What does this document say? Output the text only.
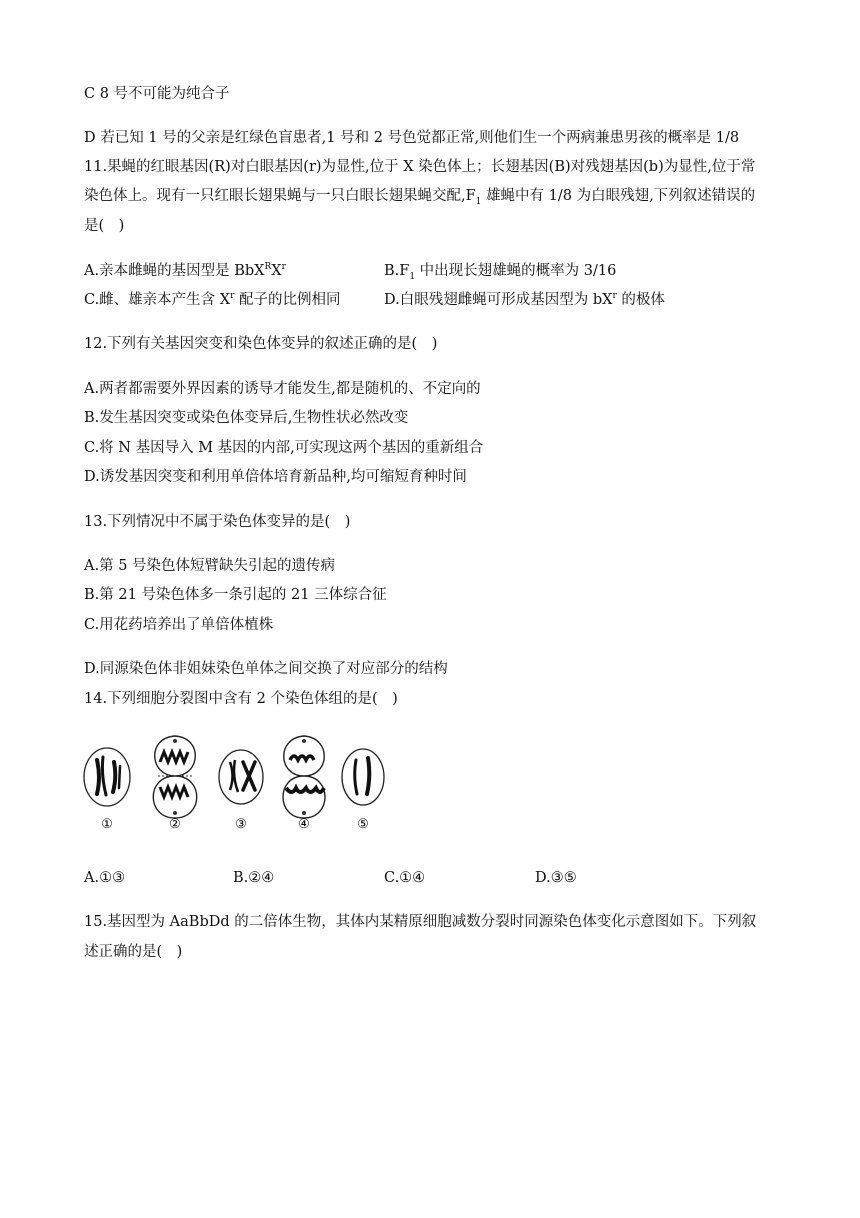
C 8 号不可能为纯合子
D 若已知 1 号的父亲是红绿色盲患者,1 号和 2 号色觉都正常,则他们生一个两病兼患男孩的概率是 1/8
11.果蝇的红眼基因(R)对白眼基因(r)为显性,位于 X 染色体上；长翅基因(B)对残翅基因(b)为显性,位于常
染色体上。现有一只红眼长翅果蝇与一只白眼长翅果蝇交配$,F_1$ 雄蝇中有 1/8 为白眼残翅,下列叙述错误的
是(　)
A.亲本雌蝇的基因型是 $BbX^RX^r$	$B.F_1$ 中出现长翅雄蝇的概率为 3/16
C.雌、雄亲本产生含 $X^r$ 配子的比例相同	D.白眼残翅雌蝇可形成基因型为 $bX^r$ 的极体
12.下列有关基因突变和染色体变异的叙述正确的是(　)
A.两者都需要外界因素的诱导才能发生,都是随机的、不定向的
B.发生基因突变或染色体变异后,生物性状必然改变
C.将 N 基因导入 M 基因的内部,可实现这两个基因的重新组合
D.诱发基因突变和利用单倍体培育新品种,均可缩短育种时间
13.下列情况中不属于染色体变异的是(　)
A.第 5 号染色体短臂缺失引起的遗传病
B.第 21 号染色体多一条引起的 21 三体综合征
C.用花药培养出了单倍体植株
D.同源染色体非姐妹染色单体之间交换了对应部分的结构
14.下列细胞分裂图中含有 2 个染色体组的是(　)
①	②	③	④	⑤
A.①③	B.②④	C.①④	D.③⑤
15.基因型为 AaBbDd 的二倍体生物，其体内某精原细胞减数分裂时同源染色体变化示意图如下。下列叙
述正确的是(　)
